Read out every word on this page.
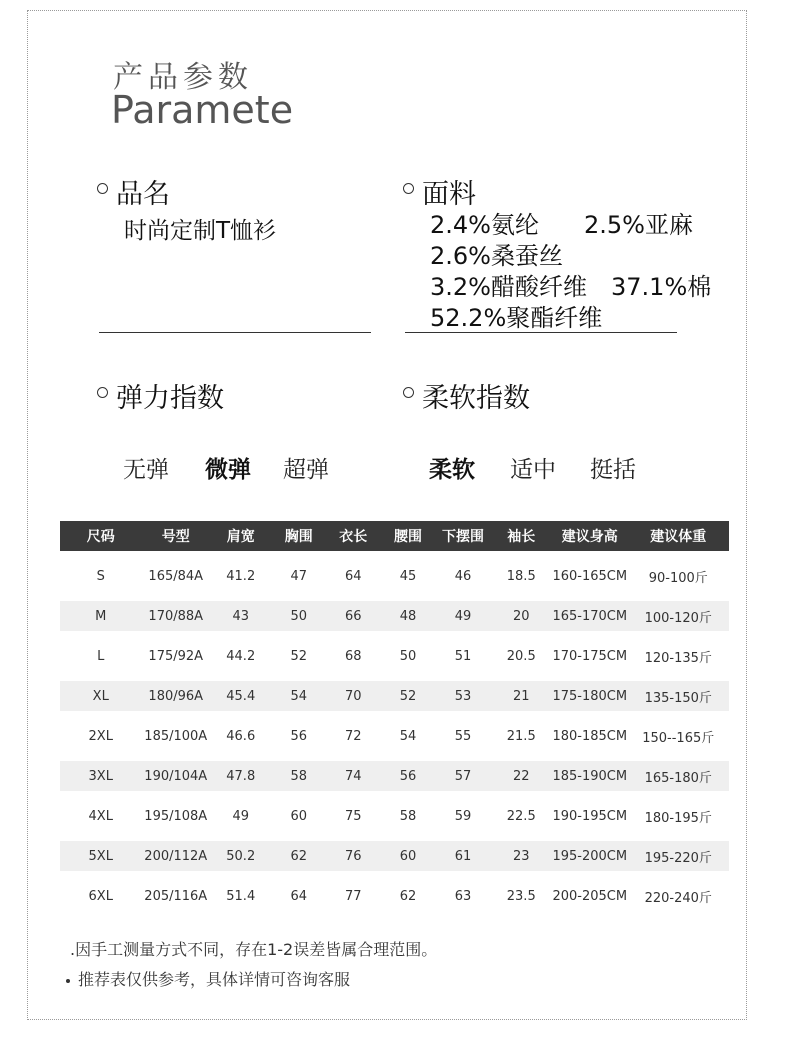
产品参数
Paramete
品名
时尚定制T恤衫
面料
2.4%氨纶	2.5%亚麻
2.6%桑蚕丝
3.2%醋酸纤维	37.1%棉
52.2%聚酯纤维
弹力指数
无弹	微弹	超弹
柔软指数
柔软	适中	挺括
尺码	号型	肩宽	胸围	衣长	腰围	下摆围	袖长	建议身高	建议体重
S	165/84A	41.2	47	64	45	46	18.5	160-165CM	90-100斤
M	170/88A	43	50	66	48	49	20	165-170CM	100-120斤
L	175/92A	44.2	52	68	50	51	20.5	170-175CM	120-135斤
XL	180/96A	45.4	54	70	52	53	21	175-180CM	135-150斤
2XL	185/100A	46.6	56	72	54	55	21.5	180-185CM	150--165斤
3XL	190/104A	47.8	58	74	56	57	22	185-190CM	165-180斤
4XL	195/108A	49	60	75	58	59	22.5	190-195CM	180-195斤
5XL	200/112A	50.2	62	76	60	61	23	195-200CM	195-220斤
6XL	205/116A	51.4	64	77	62	63	23.5	200-205CM	220-240斤
.因手工测量方式不同，存在1-2误差皆属合理范围。
推荐表仅供参考，具体详情可咨询客服
